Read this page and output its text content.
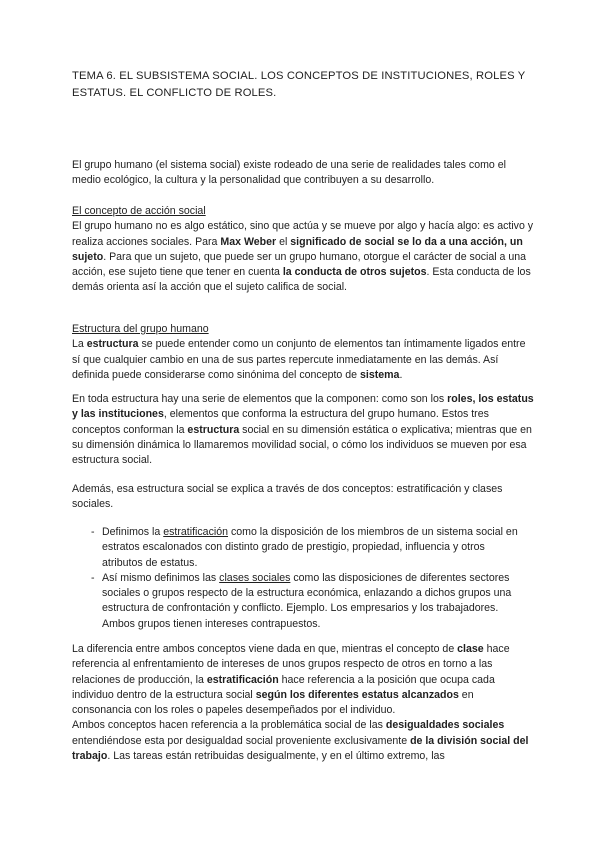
TEMA 6. EL SUBSISTEMA SOCIAL. LOS CONCEPTOS DE INSTITUCIONES, ROLES Y ESTATUS. EL CONFLICTO DE ROLES.

El grupo humano (el sistema social) existe rodeado de una serie de realidades tales como el medio ecológico, la cultura y la personalidad que contribuyen a su desarrollo.

El concepto de acción social

El grupo humano no es algo estático, sino que actúa y se mueve por algo y hacía algo: es activo y realiza acciones sociales. Para Max Weber el significado de social se lo da a una acción, un sujeto. Para que un sujeto, que puede ser un grupo humano, otorgue el carácter de social a una acción, ese sujeto tiene que tener en cuenta la conducta de otros sujetos. Esta conducta de los demás orienta así la acción que el sujeto califica de social.

Estructura del grupo humano

La estructura se puede entender como un conjunto de elementos tan íntimamente ligados entre sí que cualquier cambio en una de sus partes repercute inmediatamente en las demás. Así definida puede considerarse como sinónima del concepto de sistema.

En toda estructura hay una serie de elementos que la componen: como son los roles, los estatus y las instituciones, elementos que conforma la estructura del grupo humano. Estos tres conceptos conforman la estructura social en su dimensión estática o explicativa; mientras que en su dimensión dinámica lo llamaremos movilidad social, o cómo los individuos se mueven por esa estructura social.

Además, esa estructura social se explica a través de dos conceptos: estratificación y clases sociales.

- Definimos la estratificación como la disposición de los miembros de un sistema social en estratos escalonados con distinto grado de prestigio, propiedad, influencia y otros atributos de estatus.
- Así mismo definimos las clases sociales como las disposiciones de diferentes sectores sociales o grupos respecto de la estructura económica, enlazando a dichos grupos una estructura de confrontación y conflicto. Ejemplo. Los empresarios y los trabajadores. Ambos grupos tienen intereses contrapuestos.

La diferencia entre ambos conceptos viene dada en que, mientras el concepto de clase hace referencia al enfrentamiento de intereses de unos grupos respecto de otros en torno a las relaciones de producción, la estratificación hace referencia a la posición que ocupa cada individuo dentro de la estructura social según los diferentes estatus alcanzados en consonancia con los roles o papeles desempeñados por el individuo.

Ambos conceptos hacen referencia a la problemática social de las desigualdades sociales entendiéndose esta por desigualdad social proveniente exclusivamente de la división social del trabajo. Las tareas están retribuidas desigualmente, y en el último extremo, las
